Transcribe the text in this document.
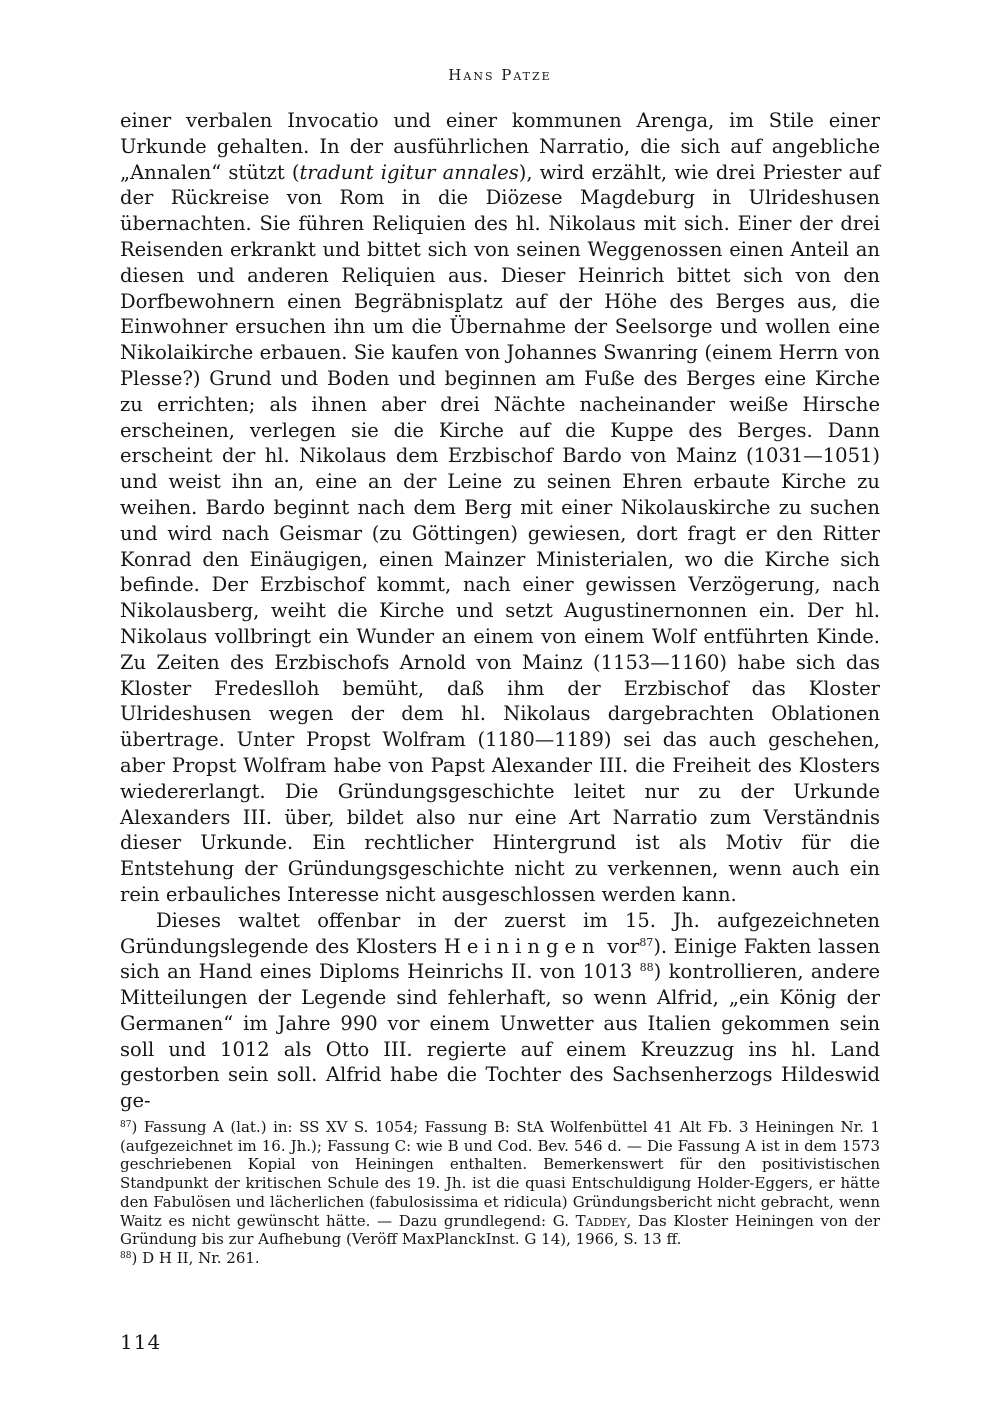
Hans Patze

einer verbalen Invocatio und einer kommunen Arenga, im Stile einer Urkunde gehalten. In der ausführlichen Narratio, die sich auf angebliche „Annalen“ stützt (tradunt igitur annales), wird erzählt, wie drei Priester auf der Rückreise von Rom in die Diözese Magdeburg in Ulrideshusen übernachten. Sie führen Reliquien des hl. Nikolaus mit sich. Einer der drei Reisenden erkrankt und bittet sich von seinen Weggenossen einen Anteil an diesen und anderen Reliquien aus. Dieser Heinrich bittet sich von den Dorfbewohnern einen Begräbnisplatz auf der Höhe des Berges aus, die Einwohner ersuchen ihn um die Übernahme der Seelsorge und wollen eine Nikolaikirche erbauen. Sie kaufen von Johannes Swanring (einem Herrn von Plesse?) Grund und Boden und beginnen am Fuße des Berges eine Kirche zu errichten; als ihnen aber drei Nächte nacheinander weiße Hirsche erscheinen, verlegen sie die Kirche auf die Kuppe des Berges. Dann erscheint der hl. Nikolaus dem Erzbischof Bardo von Mainz (1031—1051) und weist ihn an, eine an der Leine zu seinen Ehren erbaute Kirche zu weihen. Bardo beginnt nach dem Berg mit einer Nikolauskirche zu suchen und wird nach Geismar (zu Göttingen) gewiesen, dort fragt er den Ritter Konrad den Einäugigen, einen Mainzer Ministerialen, wo die Kirche sich befinde. Der Erzbischof kommt, nach einer gewissen Verzögerung, nach Nikolausberg, weiht die Kirche und setzt Augustinernonnen ein. Der hl. Nikolaus vollbringt ein Wunder an einem von einem Wolf entführten Kinde. Zu Zeiten des Erzbischofs Arnold von Mainz (1153—1160) habe sich das Kloster Fredeslloh bemüht, daß ihm der Erzbischof das Kloster Ulrideshusen wegen der dem hl. Nikolaus dargebrachten Oblationen übertrage. Unter Propst Wolfram (1180—1189) sei das auch geschehen, aber Propst Wolfram habe von Papst Alexander III. die Freiheit des Klosters wiedererlangt. Die Gründungsgeschichte leitet nur zu der Urkunde Alexanders III. über, bildet also nur eine Art Narratio zum Verständnis dieser Urkunde. Ein rechtlicher Hintergrund ist als Motiv für die Entstehung der Gründungsgeschichte nicht zu verkennen, wenn auch ein rein erbauliches Interesse nicht ausgeschlossen werden kann.

Dieses waltet offenbar in der zuerst im 15. Jh. aufgezeichneten Gründungslegende des Klosters Heiningen vor$^{87}$). Einige Fakten lassen sich an Hand eines Diploms Heinrichs II. von 1013 $^{88}$) kontrollieren, andere Mitteilungen der Legende sind fehlerhaft, so wenn Alfrid, „ein König der Germanen“ im Jahre 990 vor einem Unwetter aus Italien gekommen sein soll und 1012 als Otto III. regierte auf einem Kreuzzug ins hl. Land gestorben sein soll. Alfrid habe die Tochter des Sachsenherzogs Hildeswid ge-

$^{87}$) Fassung A (lat.) in: SS XV S. 1054; Fassung B: StA Wolfenbüttel 41 Alt Fb. 3 Heiningen Nr. 1 (aufgezeichnet im 16. Jh.); Fassung C: wie B und Cod. Bev. 546 d. — Die Fassung A ist in dem 1573 geschriebenen Kopial von Heiningen enthalten. Bemerkenswert für den positivistischen Standpunkt der kritischen Schule des 19. Jh. ist die quasi Entschuldigung Holder-Eggers, er hätte den Fabulösen und lächerlichen (fabulosissima et ridicula) Gründungsbericht nicht gebracht, wenn Waitz es nicht gewünscht hätte. — Dazu grundlegend: G. Taddey, Das Kloster Heiningen von der Gründung bis zur Aufhebung (Veröff MaxPlanckInst. G 14), 1966, S. 13 ff.

$^{88}$) D H II, Nr. 261.

114
